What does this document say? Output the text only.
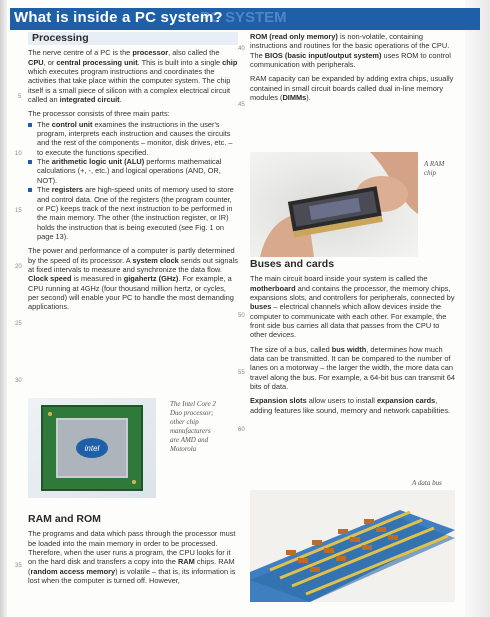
PC SYSTEM
What is inside a PC system?
Processing

The nerve centre of a PC is the processor, also called the CPU, or central processing unit. This is built into a single chip which executes program instructions and coordinates the activities that take place within the computer system. The chip itself is a small piece of silicon with a complex electrical circuit called an integrated circuit.

The processor consists of three main parts:

The control unit examines the instructions in the user's program, interprets each instruction and causes the circuits and the rest of the components – monitor, disk drives, etc. – to execute the functions specified.
The arithmetic logic unit (ALU) performs mathematical calculations (+, -, etc.) and logical operations (AND, OR, NOT).
The registers are high-speed units of memory used to store and control data. One of the registers (the program counter, or PC) keeps track of the next instruction to be performed in the main memory. The other (the instruction register, or IR) holds the instruction that is being executed (see Fig. 1 on page 13).

The power and performance of a computer is partly determined by the speed of its processor. A system clock sends out signals at fixed intervals to measure and synchronize the data flow. Clock speed is measured in gigahertz (GHz). For example, a CPU running at 4GHz (four thousand million hertz, or cycles, per second) will enable your PC to handle the most demanding applications.

intel
The Intel Core 2
Duo processor;
other chip
manufacturers
are AMD and
Motorola
RAM and ROM

The programs and data which pass through the processor must be loaded into the main memory in order to be processed. Therefore, when the user runs a program, the CPU looks for it on the hard disk and transfers a copy into the RAM chips. RAM (random access memory) is volatile – that is, its information is lost when the computer is turned off. However,

ROM (read only memory) is non-volatile, containing instructions and routines for the basic operations of the CPU. The BIOS (basic input/output system) uses ROM to control communication with peripherals.

RAM capacity can be expanded by adding extra chips, usually contained in small circuit boards called dual in-line memory modules (DIMMs).

A RAM
chip
Buses and cards

The main circuit board inside your system is called the motherboard and contains the processor, the memory chips, expansions slots, and controllers for peripherals, connected by buses – electrical channels which allow devices inside the computer to communicate with each other. For example, the front side bus carries all data that passes from the CPU to other devices.

The size of a bus, called bus width, determines how much data can be transmitted. It can be compared to the number of lanes on a motorway – the larger the width, the more data can travel along the bus. For example, a 64-bit bus can transmit 64 bits of data.

Expansion slots allow users to install expansion cards, adding features like sound, memory and network capabilities.

A data bus
5
10
15
20
25
30
35
40
45
50
55
60
